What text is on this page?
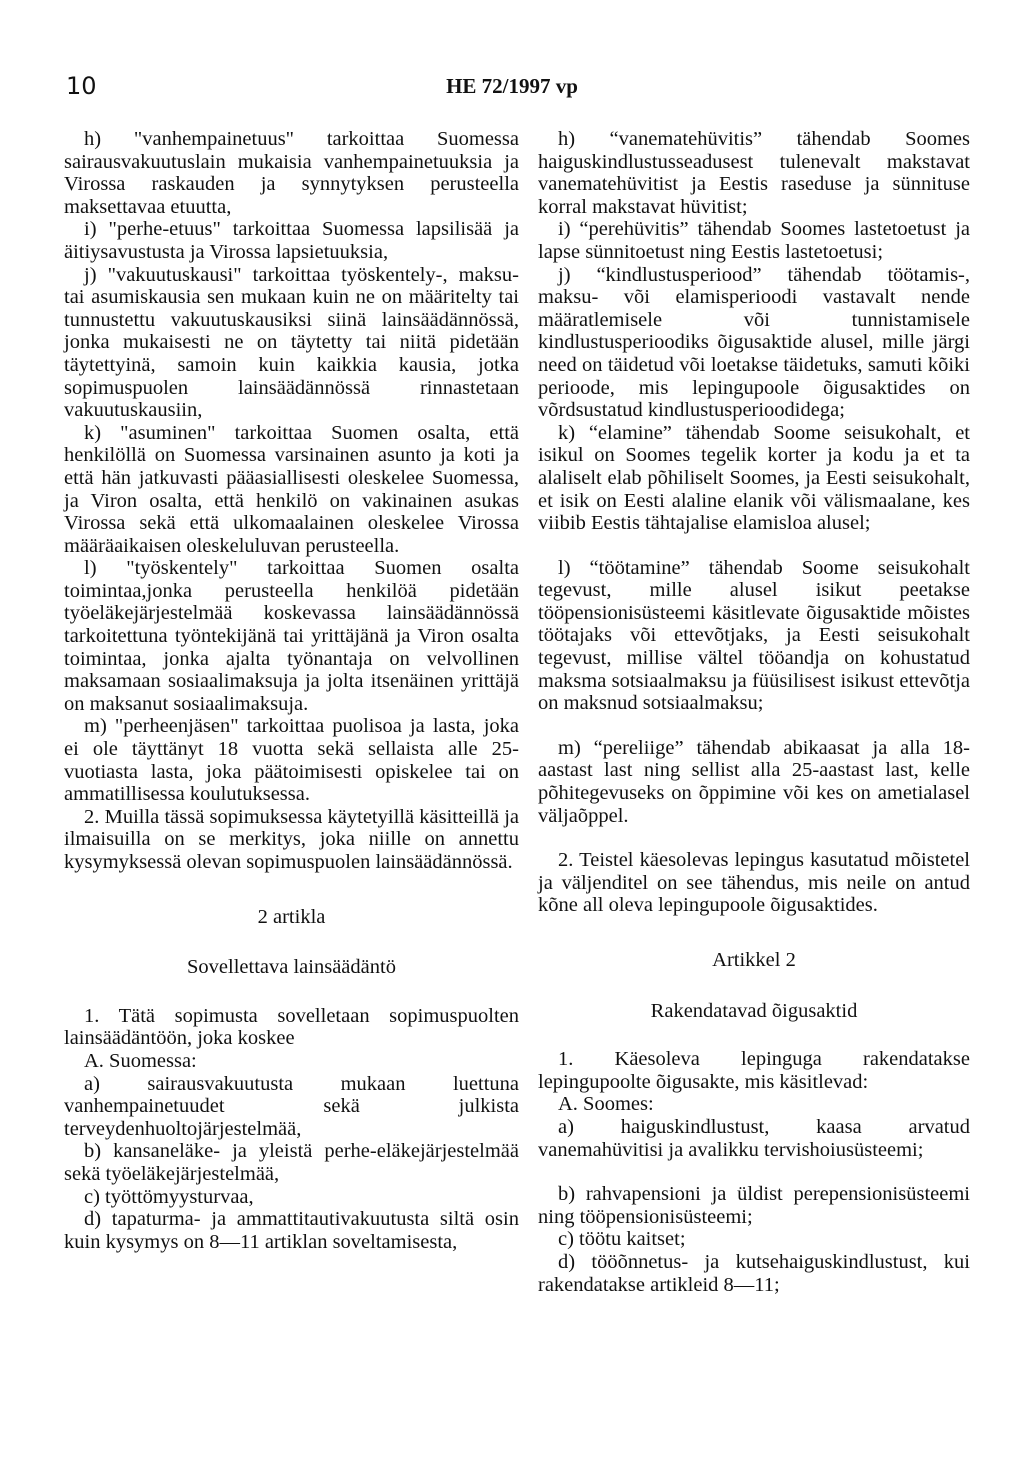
10	HE 72/1997 vp

h) "vanhempainetuus" tarkoittaa Suomessa sairausvakuutuslain mukaisia vanhempainetuuksia ja Virossa raskauden ja synnytyksen perusteella maksettavaa etuutta,

i) "perhe-etuus" tarkoittaa Suomessa lapsilisää ja äitiysavustusta ja Virossa lapsietuuksia,

j) "vakuutuskausi" tarkoittaa työskentely-, maksu- tai asumiskausia sen mukaan kuin ne on määritelty tai tunnustettu vakuutuskausiksi siinä lainsäädännössä, jonka mukaisesti ne on täytetty tai niitä pidetään täytettyinä, samoin kuin kaikkia kausia, jotka sopimuspuolen lainsäädännössä rinnastetaan vakuutuskausiin,

k) "asuminen" tarkoittaa Suomen osalta, että henkilöllä on Suomessa varsinainen asunto ja koti ja että hän jatkuvasti pääasiallisesti oleskelee Suomessa, ja Viron osalta, että henkilö on vakinainen asukas Virossa sekä että ulkomaalainen oleskelee Virossa määräaikaisen oleskeluluvan perusteella.

l) "työskentely" tarkoittaa Suomen osalta toimintaa,jonka perusteella henkilöä pidetään työeläkejärjestelmää koskevassa lainsäädännössä tarkoitettuna työntekijänä tai yrittäjänä ja Viron osalta toimintaa, jonka ajalta työnantaja on velvollinen maksamaan sosiaalimaksuja ja jolta itsenäinen yrittäjä on maksanut sosiaalimaksuja.

m) "perheenjäsen" tarkoittaa puolisoa ja lasta, joka ei ole täyttänyt 18 vuotta sekä sellaista alle 25-vuotiasta lasta, joka päätoimisesti opiskelee tai on ammatillisessa koulutuksessa.

2. Muilla tässä sopimuksessa käytetyillä käsitteillä ja ilmaisuilla on se merkitys, joka niille on annettu kysymyksessä olevan sopimuspuolen lainsäädännössä.

2 artikla

Sovellettava lainsäädäntö

1. Tätä sopimusta sovelletaan sopimuspuolten lainsäädäntöön, joka koskee

A. Suomessa:

a) sairausvakuutusta mukaan luettuna vanhempainetuudet sekä julkista terveydenhuoltojärjestelmää,

b) kansaneläke- ja yleistä perhe-eläkejärjestelmää sekä työeläkejärjestelmää,

c) työttömyysturvaa,

d) tapaturma- ja ammattitautivakuutusta siltä osin kuin kysymys on 8—11 artiklan soveltamisesta,

h) “vanematehüvitis” tähendab Soomes haiguskindlustusseadusest tulenevalt makstavat vanematehüvitist ja Eestis raseduse ja sünnituse korral makstavat hüvitist;

i) “perehüvitis” tähendab Soomes lastetoetust ja lapse sünnitoetust ning Eestis lastetoetusi;

j) “kindlustusperiood” tähendab töötamis-, maksu- või elamisperioodi vastavalt nende määratlemisele või tunnistamisele kindlustusperioodiks õigusaktide alusel, mille järgi need on täidetud või loetakse täidetuks, samuti kõiki perioode, mis lepingupoole õigusaktides on võrdsustatud kindlustusperioodidega;

k) “elamine” tähendab Soome seisukohalt, et isikul on Soomes tegelik korter ja kodu ja et ta alaliselt elab põhiliselt Soomes, ja Eesti seisukohalt, et isik on Eesti alaline elanik või välismaalane, kes viibib Eestis tähtajalise elamisloa alusel;

l) “töötamine” tähendab Soome seisukohalt tegevust, mille alusel isikut peetakse tööpensionisüsteemi käsitlevate õigusaktide mõistes töötajaks või ettevõtjaks, ja Eesti seisukohalt tegevust, millise vältel tööandja on kohustatud maksma sotsiaalmaksu ja füüsilisest isikust ettevõtja on maksnud sotsiaalmaksu;

m) “pereliige” tähendab abikaasat ja alla 18-aastast last ning sellist alla 25-aastast last, kelle põhitegevuseks on õppimine või kes on ametialasel väljaõppel.

2. Teistel käesolevas lepingus kasutatud mõistetel ja väljenditel on see tähendus, mis neile on antud kõne all oleva lepingupoole õigusaktides.

Artikkel 2

Rakendatavad õigusaktid

1. Käesoleva lepinguga rakendatakse lepingupoolte õigusakte, mis käsitlevad:

A. Soomes:

a) haiguskindlustust, kaasa arvatud vanemahüvitisi ja avalikku tervishoiusüsteemi;

b) rahvapensioni ja üldist perepensionisüsteemi ning tööpensionisüsteemi;

c) töötu kaitset;

d) tööõnnetus- ja kutsehaiguskindlustust, kui rakendatakse artikleid 8—11;
